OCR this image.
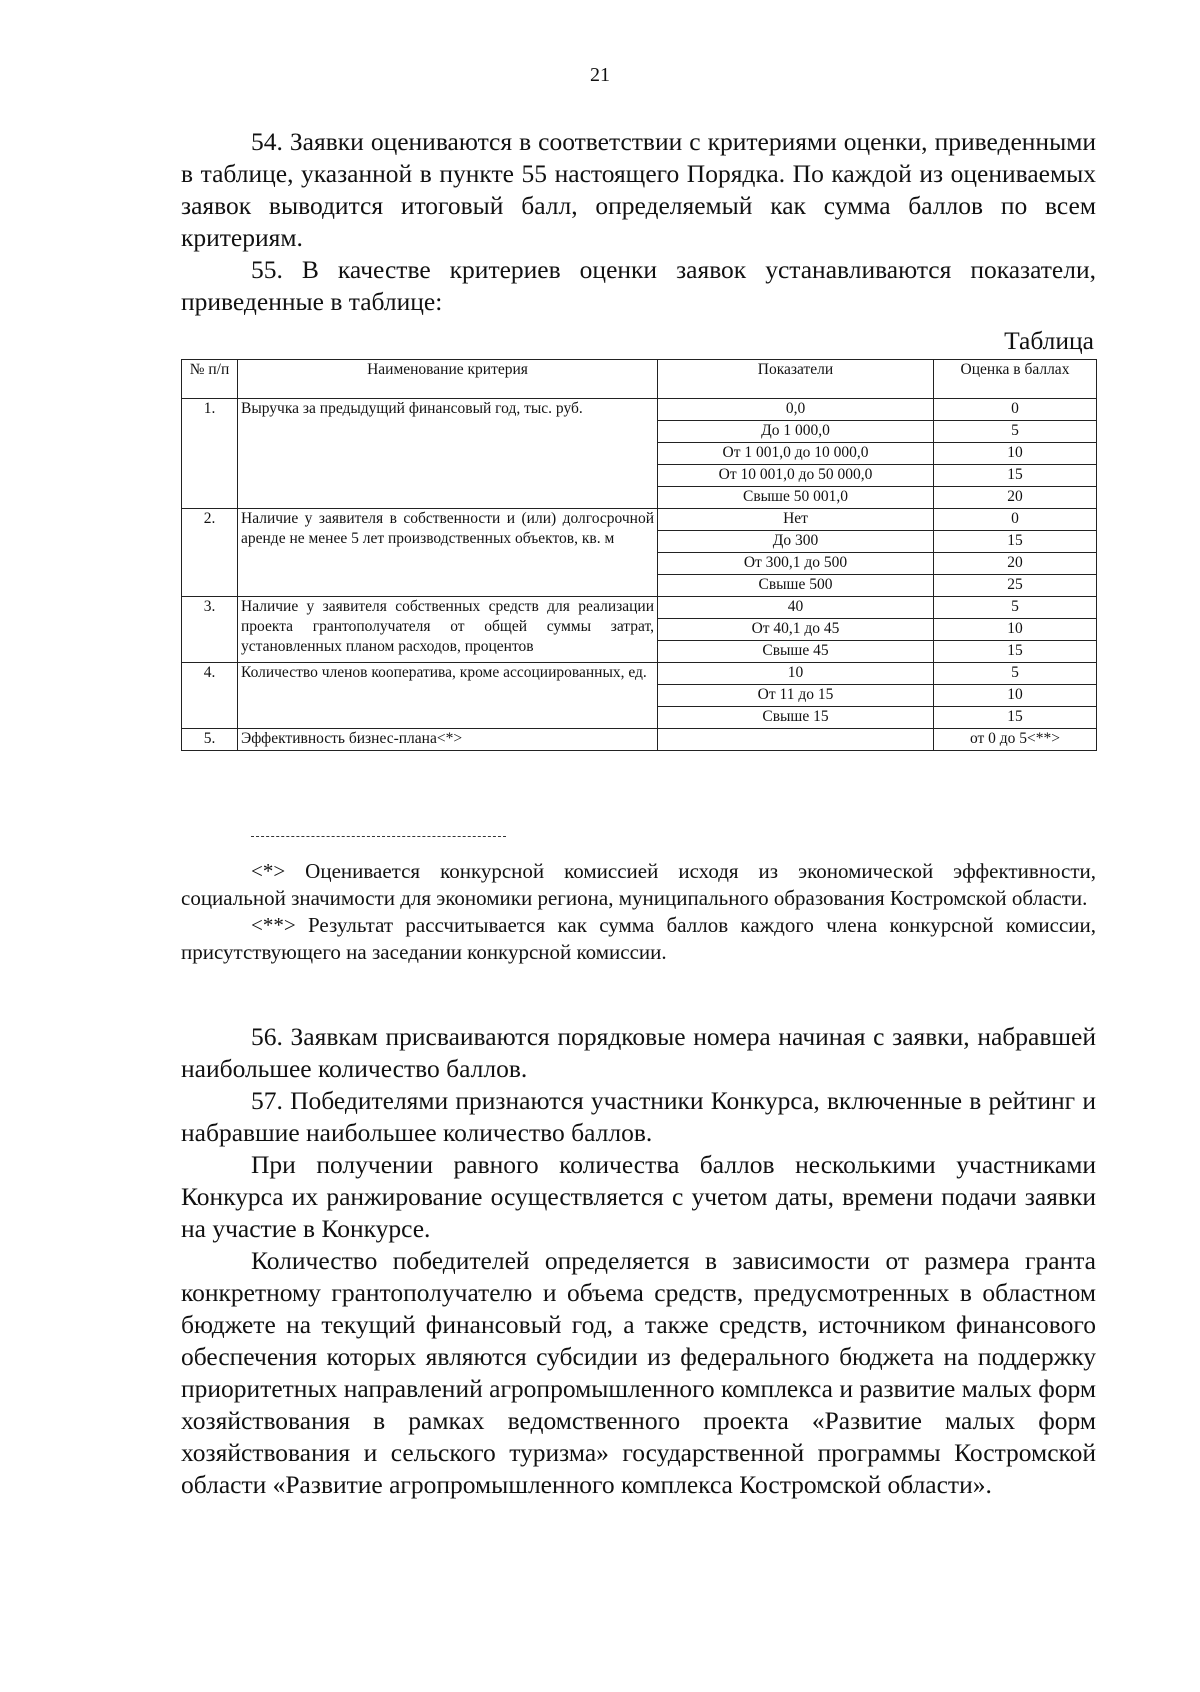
21

54. Заявки оцениваются в соответствии с критериями оценки, приведенными в таблице, указанной в пункте 55 настоящего Порядка. По каждой из оцениваемых заявок выводится итоговый балл, определяемый как сумма баллов по всем критериям.

55. В качестве критериев оценки заявок устанавливаются показатели, приведенные в таблице:

Таблица
№ п/п	Наименование критерия	Показатели	Оценка в баллах
1.	Выручка за предыдущий финансовый год, тыс. руб.	0,0	0
		До 1 000,0	5
		От 1 001,0 до 10 000,0	10
		От 10 001,0 до 50 000,0	15
		Свыше 50 001,0	20
2.	Наличие у заявителя в собственности и (или) долгосрочной аренде не менее 5 лет производственных объектов, кв. м	Нет	0
		До 300	15
		От 300,1 до 500	20
		Свыше 500	25
3.	Наличие у заявителя собственных средств для реализации проекта грантополучателя от общей суммы затрат, установленных планом расходов, процентов	40	5
		От 40,1 до 45	10
		Свыше 45	15
4.	Количество членов кооператива, кроме ассоциированных, ед.	10	5
		От 11 до 15	10
		Свыше 15	15
5.	Эффективность бизнес-плана<*>		от 0 до 5<**>

<*> Оценивается конкурсной комиссией исходя из экономической эффективности, социальной значимости для экономики региона, муниципального образования Костромской области.

<**> Результат рассчитывается как сумма баллов каждого члена конкурсной комиссии, присутствующего на заседании конкурсной комиссии.

56. Заявкам присваиваются порядковые номера начиная с заявки, набравшей наибольшее количество баллов.

57. Победителями признаются участники Конкурса, включенные в рейтинг и набравшие наибольшее количество баллов.

При получении равного количества баллов несколькими участниками Конкурса их ранжирование осуществляется с учетом даты, времени подачи заявки на участие в Конкурсе.

Количество победителей определяется в зависимости от размера гранта конкретному грантополучателю и объема средств, предусмотренных в областном бюджете на текущий финансовый год, а также средств, источником финансового обеспечения которых являются субсидии из федерального бюджета на поддержку приоритетных направлений агропромышленного комплекса и развитие малых форм хозяйствования в рамках ведомственного проекта «Развитие малых форм хозяйствования и сельского туризма» государственной программы Костромской области «Развитие агропромышленного комплекса Костромской области».
